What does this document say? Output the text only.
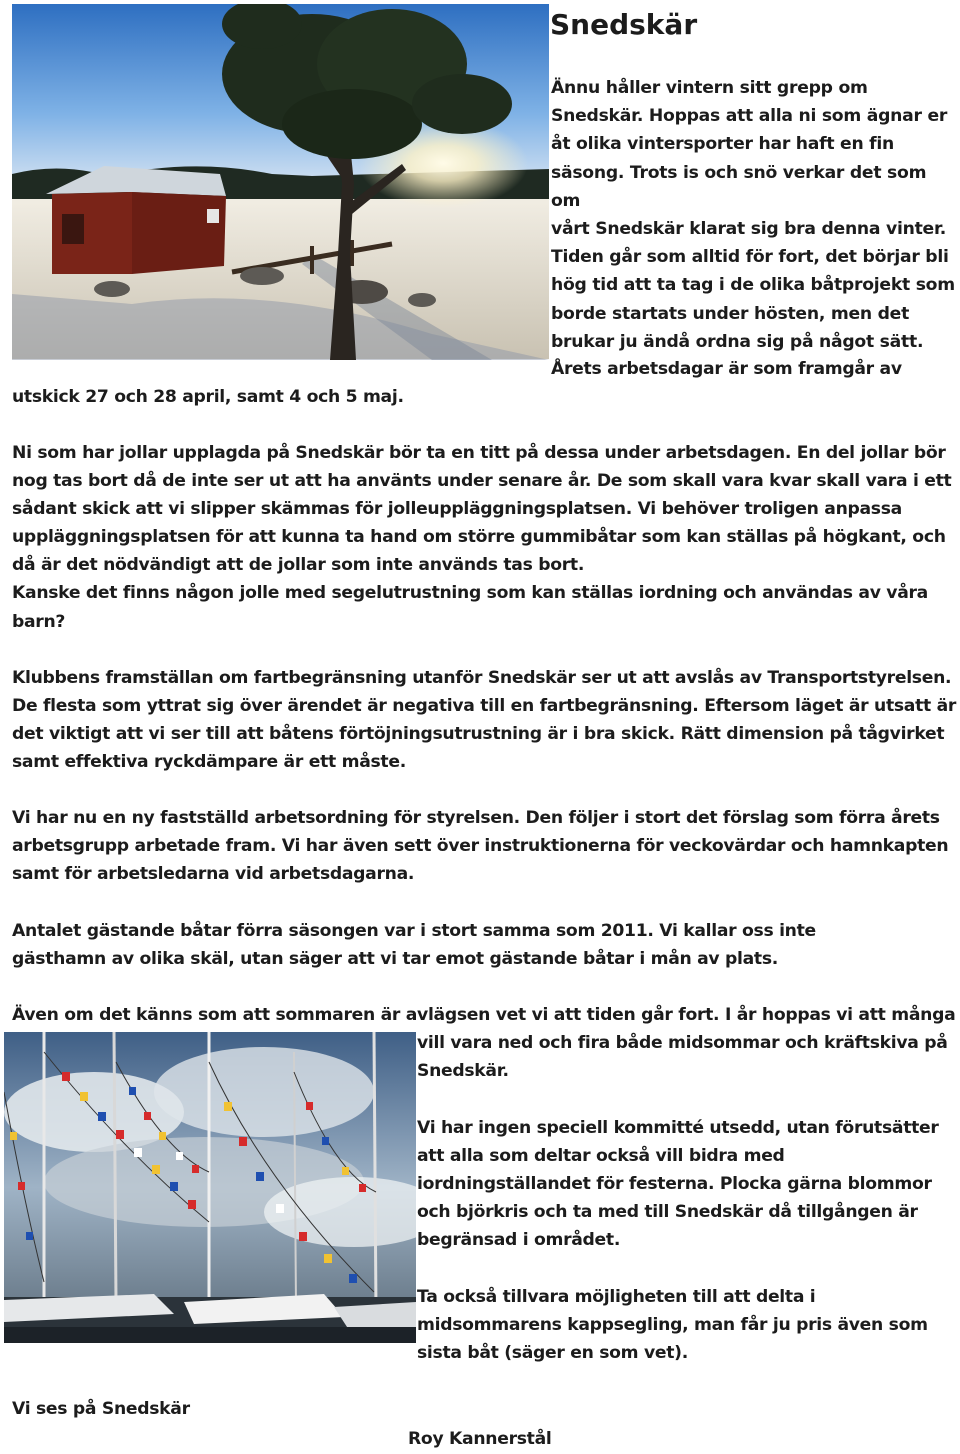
Snedskär
Ännu håller vintern sitt grepp om
Snedskär. Hoppas att alla ni som ägnar er
åt olika vintersporter har haft en fin
säsong. Trots is och snö verkar det som om
vårt Snedskär klarat sig bra denna vinter.
Tiden går som alltid för fort, det börjar bli
hög tid att ta tag i de olika båtprojekt som
borde startats under hösten, men det
brukar ju ändå ordna sig på något sätt.
Årets arbetsdagar är som framgår av
utskick 27 och 28 april, samt 4 och 5 maj.
Ni som har jollar upplagda på Snedskär bör ta en titt på dessa under arbetsdagen. En del jollar bör
nog tas bort då de inte ser ut att ha använts under senare år. De som skall vara kvar skall vara i ett
sådant skick att vi slipper skämmas för jolleuppläggningsplatsen. Vi behöver troligen anpassa
uppläggningsplatsen för att kunna ta hand om större gummibåtar som kan ställas på högkant, och
då är det nödvändigt att de jollar som inte används tas bort.
Kanske det finns någon jolle med segelutrustning som kan ställas iordning och användas av våra
barn?
Klubbens framställan om fartbegränsning utanför Snedskär ser ut att avslås av Transportstyrelsen.
De flesta som yttrat sig över ärendet är negativa till en fartbegränsning. Eftersom läget är utsatt är
det viktigt att vi ser till att båtens förtöjningsutrustning är i bra skick. Rätt dimension på tågvirket
samt effektiva ryckdämpare är ett måste.
Vi har nu en ny fastställd arbetsordning för styrelsen. Den följer i stort det förslag som förra årets
arbetsgrupp arbetade fram. Vi har även sett över instruktionerna för veckovärdar och hamnkapten
samt för arbetsledarna vid arbetsdagarna.
Antalet gästande båtar förra säsongen var i stort samma som 2011. Vi kallar oss inte
gästhamn av olika skäl, utan säger att vi tar emot gästande båtar i mån av plats.
Även om det känns som att sommaren är avlägsen vet vi att tiden går fort. I år hoppas vi att många
vill vara ned och fira både midsommar och kräftskiva på
Snedskär.
Vi har ingen speciell kommitté utsedd, utan förutsätter
att alla som deltar också vill bidra med
iordningställandet för festerna. Plocka gärna blommor
och björkris och ta med till Snedskär då tillgången är
begränsad i området.
Ta också tillvara möjligheten till att delta i
midsommarens kappsegling, man får ju pris även som
sista båt (säger en som vet).
Vi ses på Snedskär
Roy Kannerstål
